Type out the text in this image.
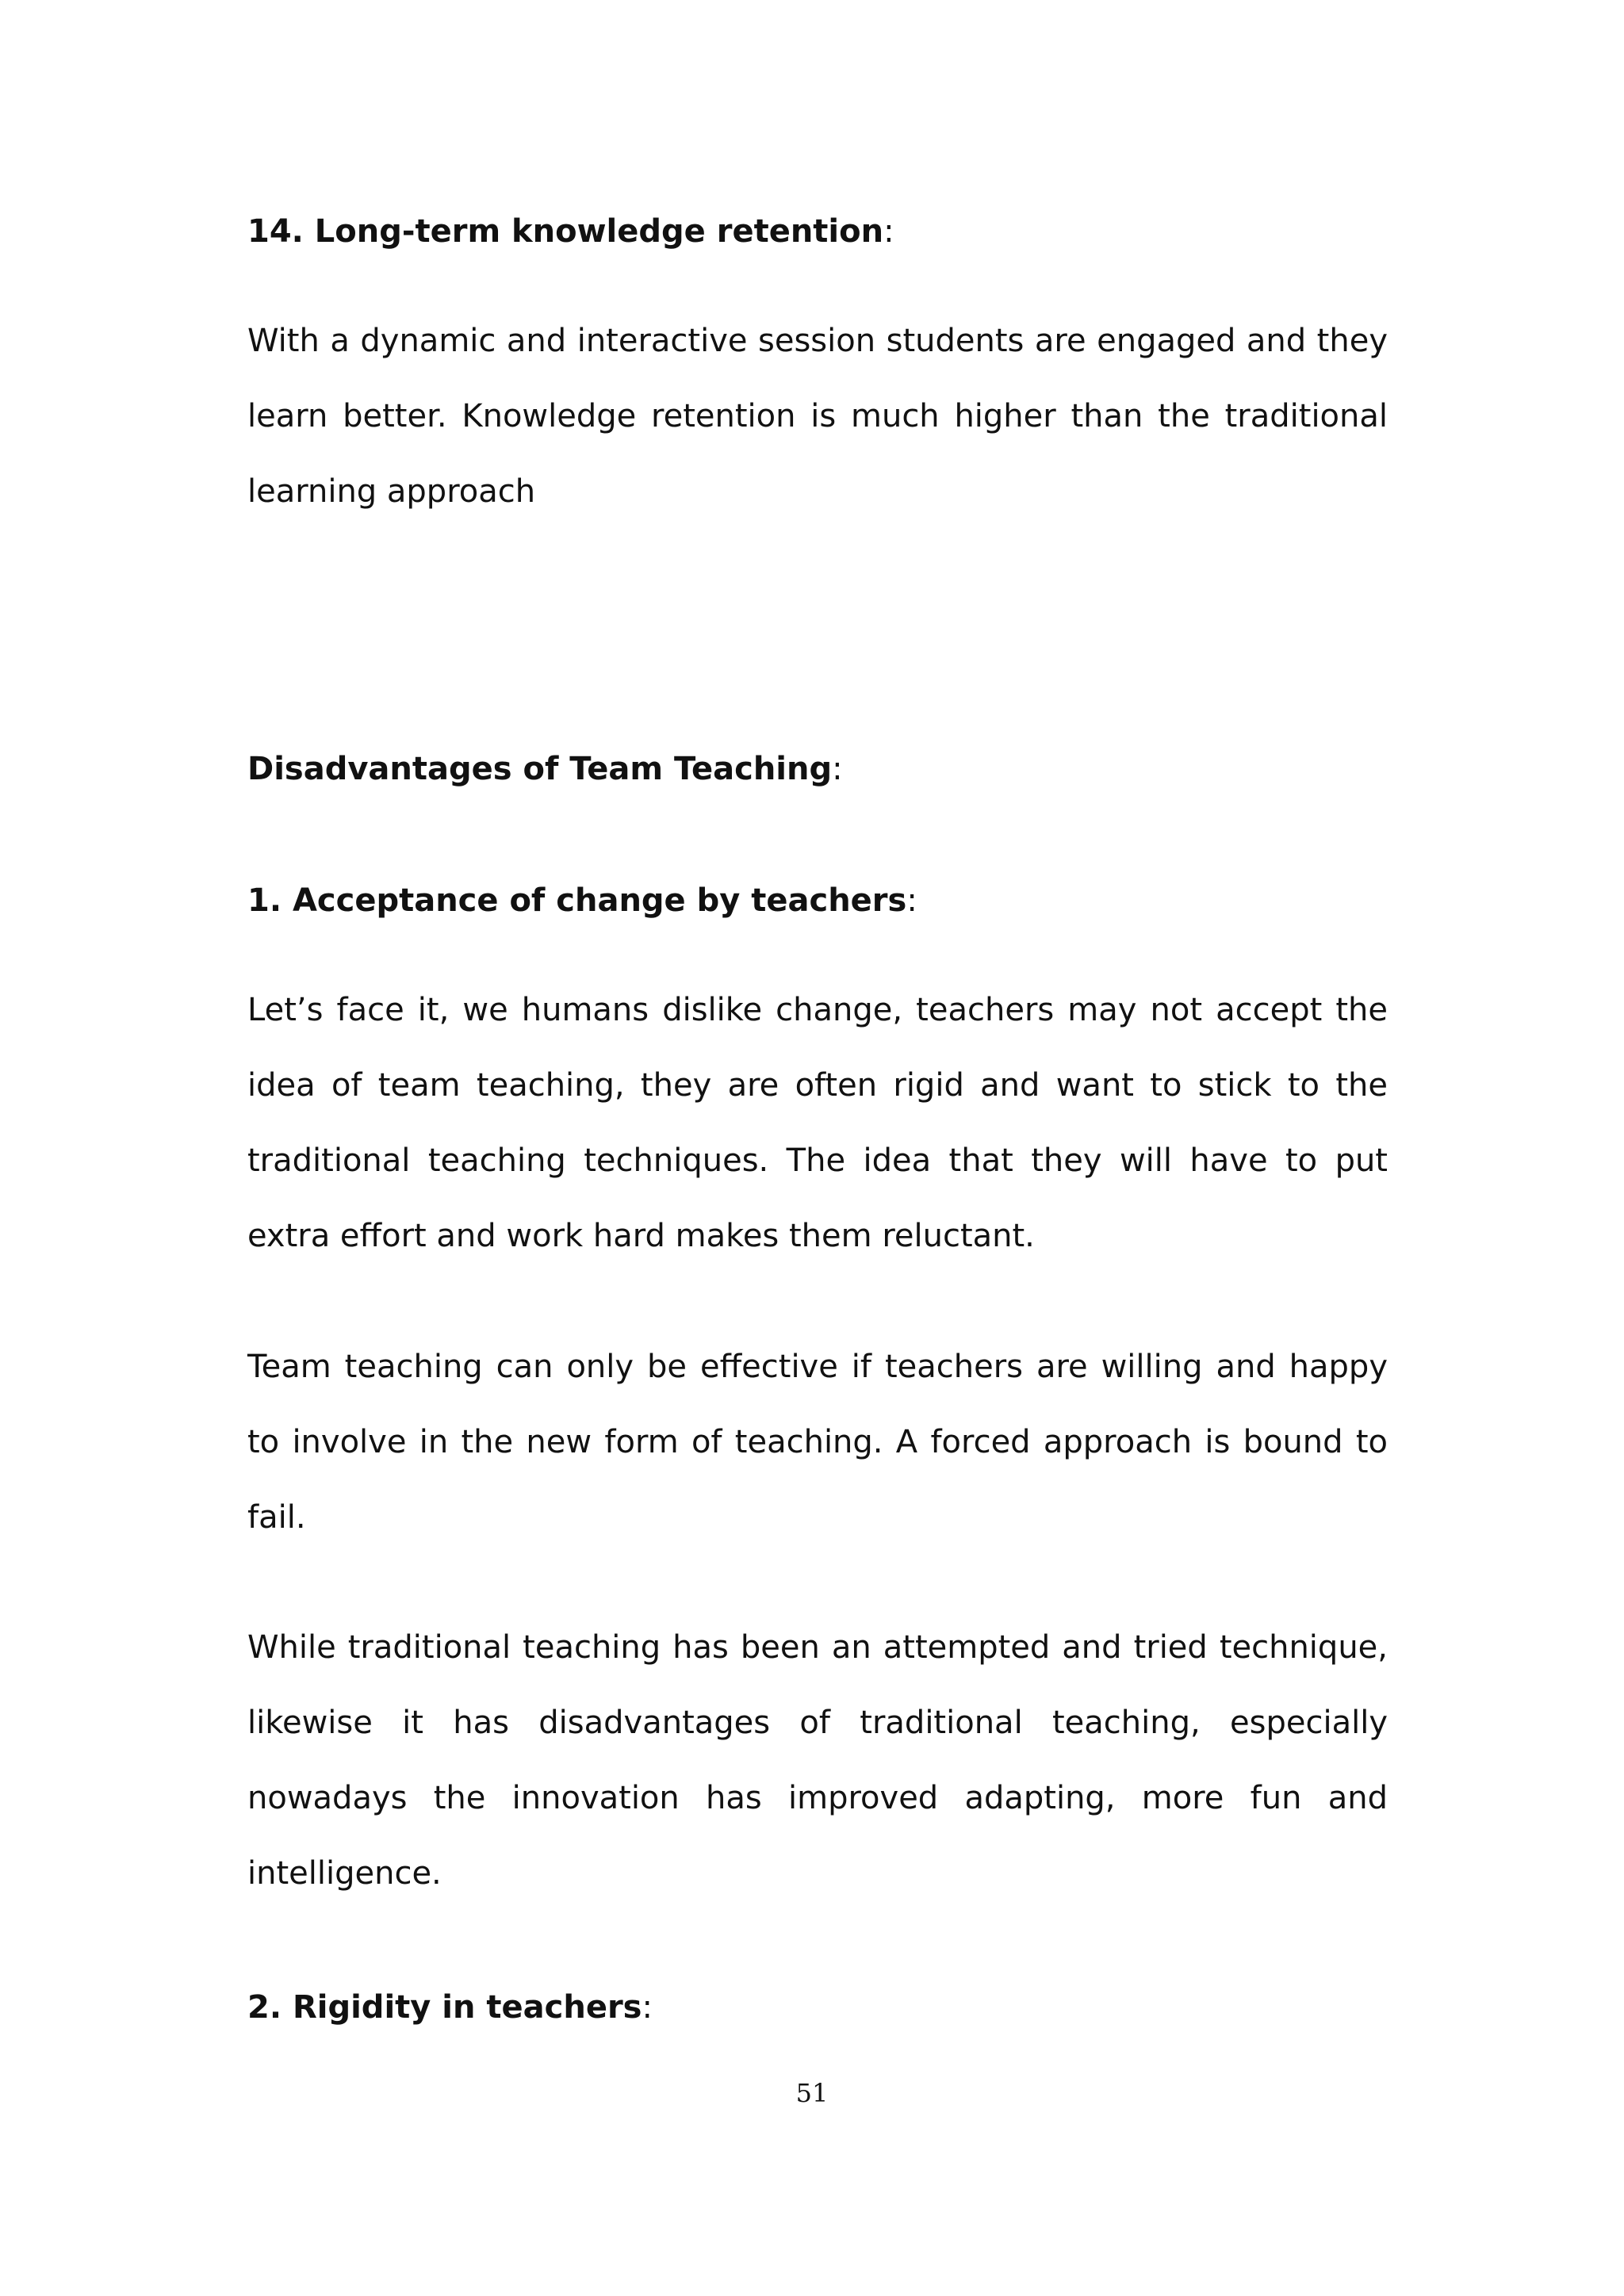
14. Long-term knowledge retention:
With a dynamic and interactive session students are engaged and they learn better. Knowledge retention is much higher than the traditional learning approach
Disadvantages of Team Teaching:
1. Acceptance of change by teachers:
Let’s face it, we humans dislike change, teachers may not accept the idea of team teaching, they are often rigid and want to stick to the traditional teaching techniques. The idea that they will have to put extra effort and work hard makes them reluctant.
Team teaching can only be effective if teachers are willing and happy to involve in the new form of teaching. A forced approach is bound to fail.
While traditional teaching has been an attempted and tried technique, likewise it has disadvantages of traditional teaching, especially nowadays the innovation has improved adapting, more fun and intelligence.
2. Rigidity in teachers:
51
